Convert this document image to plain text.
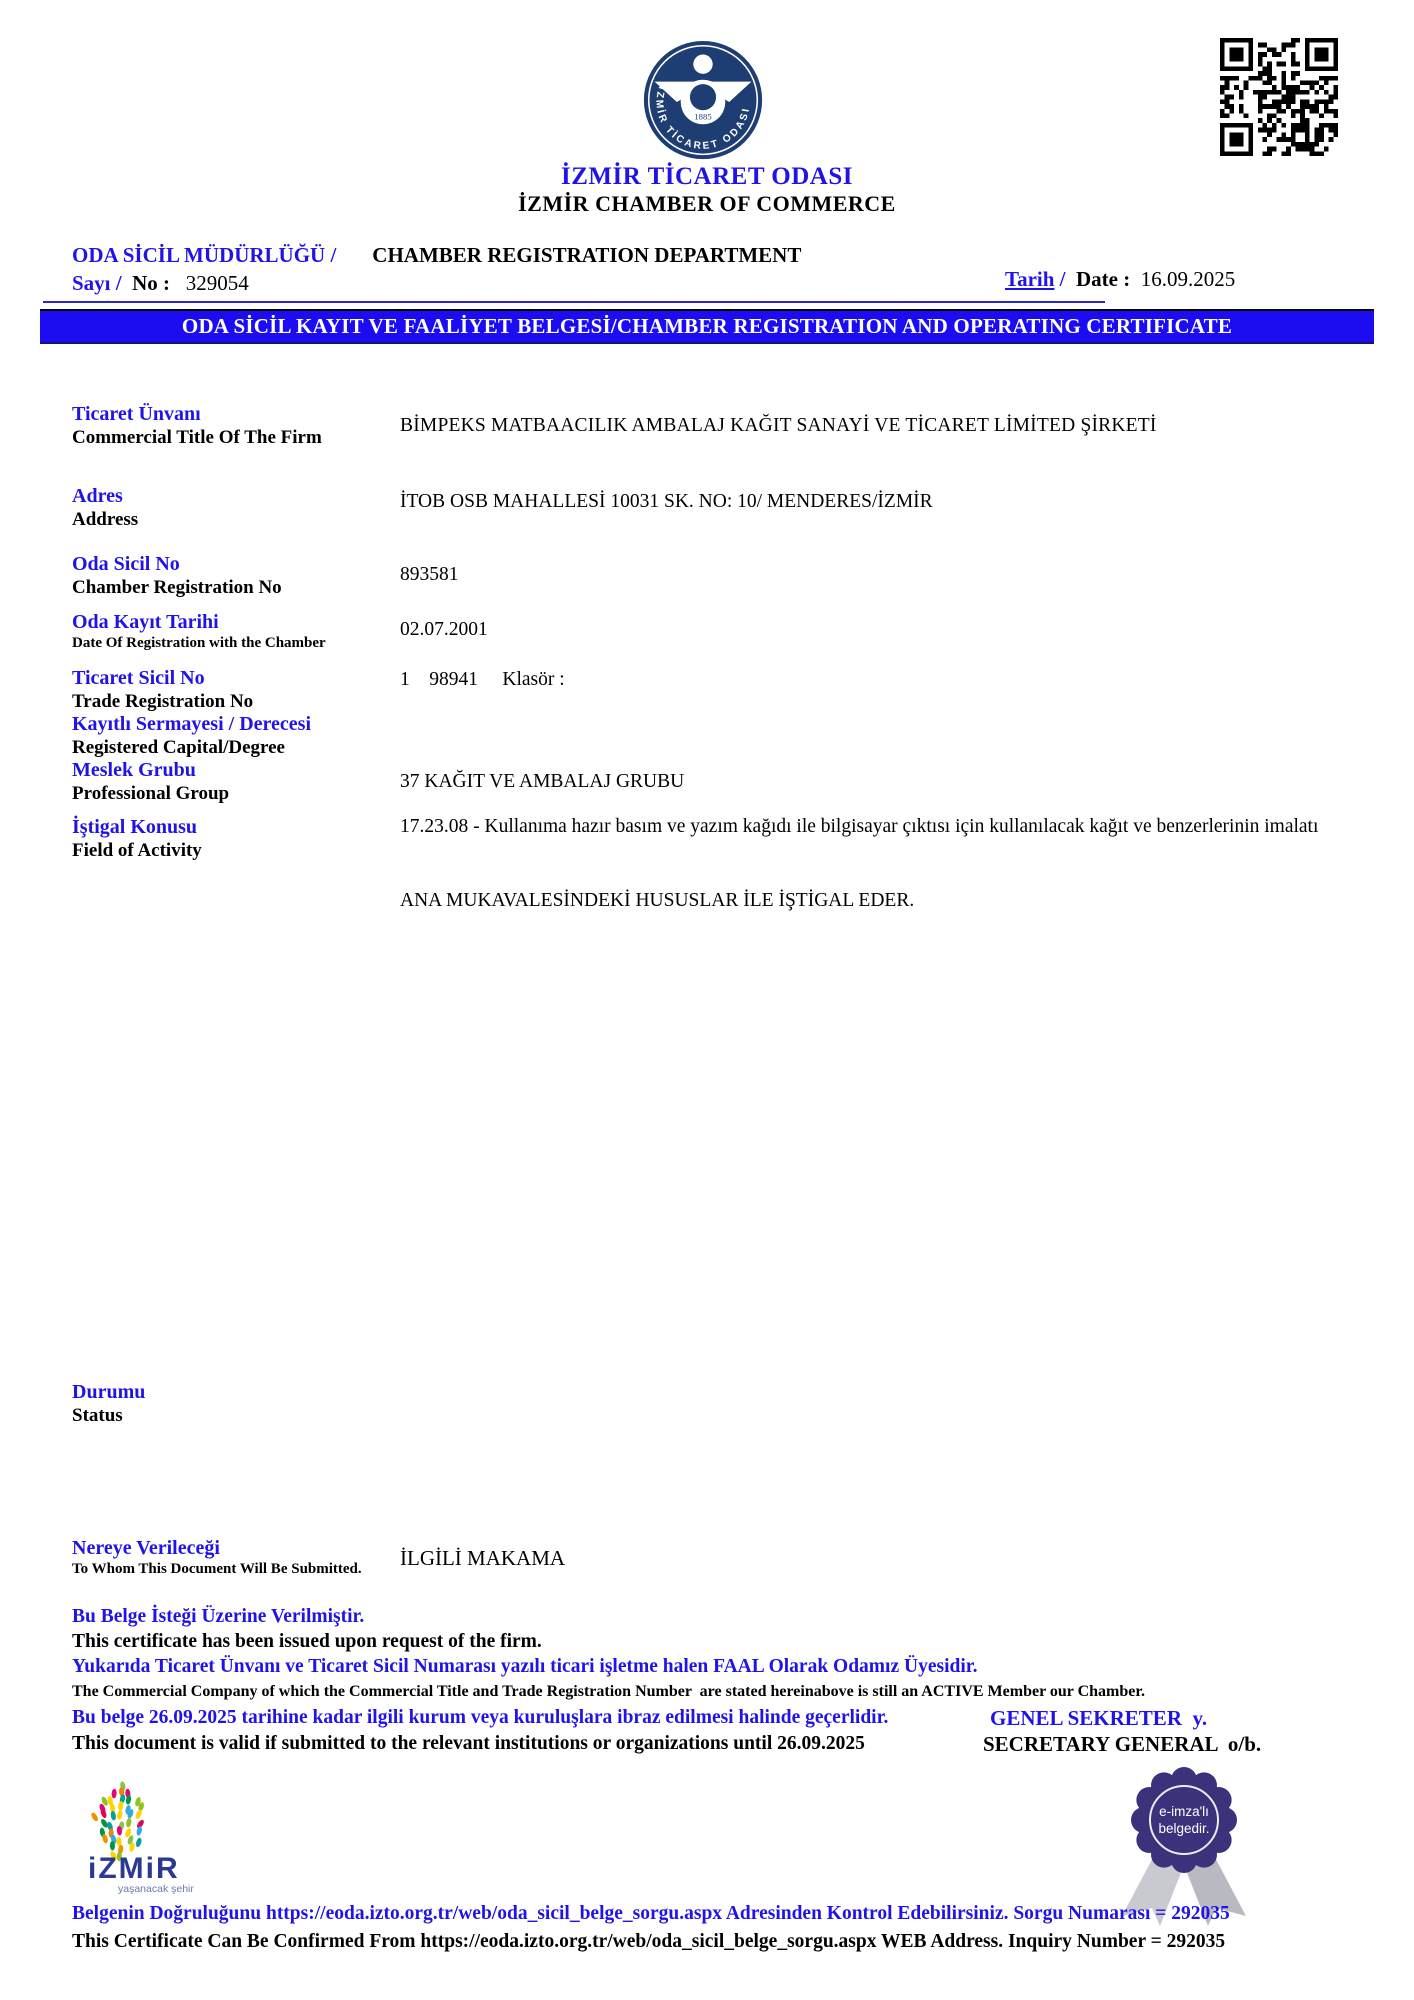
1885
İZMİR TİCARET ODASI
İZMİR TİCARET ODASI
İZMİR CHAMBER OF COMMERCE
ODA SİCİL MÜDÜRLÜĞÜ / CHAMBER REGISTRATION DEPARTMENT
Sayı / No : 329054	Tarih /  Date : 16.09.2025
ODA SİCİL KAYIT VE FAALİYET BELGESİ/CHAMBER REGISTRATION AND OPERATING CERTIFICATE
Ticaret Ünvanı
Commercial Title Of The Firm
BİMPEKS MATBAACILIK AMBALAJ KAĞIT SANAYİ VE TİCARET LİMİTED ŞİRKETİ
Adres
Address
İTOB OSB MAHALLESİ 10031 SK. NO: 10/ MENDERES/İZMİR
Oda Sicil No
Chamber Registration No
893581
Oda Kayıt Tarihi
Date Of Registration with the Chamber
02.07.2001
Ticaret Sicil No
Trade Registration No
1    98941     Klasör :
Kayıtlı Sermayesi / Derecesi
Registered Capital/Degree
Meslek Grubu
Professional Group
37 KAĞIT VE AMBALAJ GRUBU
İştigal Konusu
Field of Activity
17.23.08 - Kullanıma hazır basım ve yazım kağıdı ile bilgisayar çıktısı için kullanılacak kağıt ve benzerlerinin imalatı
ANA MUKAVALESİNDEKİ HUSUSLAR İLE İŞTİGAL EDER.
Durumu
Status
Nereye Verileceği
To Whom This Document Will Be Submitted.	İLGİLİ MAKAMA
Bu Belge İsteği Üzerine Verilmiştir.
This certificate has been issued upon request of the firm.
Yukarıda Ticaret Ünvanı ve Ticaret Sicil Numarası yazılı ticari işletme halen FAAL Olarak Odamız Üyesidir.
The Commercial Company of which the Commercial Title and Trade Registration Number  are stated hereinabove is still an ACTIVE Member our Chamber.
Bu belge 26.09.2025 tarihine kadar ilgili kurum veya kuruluşlara ibraz edilmesi halinde geçerlidir.
This document is valid if submitted to the relevant institutions or organizations until 26.09.2025
GENEL SEKRETER  y.
SECRETARY GENERAL  o/b.
iZMiR
yaşanacak şehir
e-imza'lı
belgedir.
Belgenin Doğruluğunu https://eoda.izto.org.tr/web/oda_sicil_belge_sorgu.aspx Adresinden Kontrol Edebilirsiniz. Sorgu Numarası = 292035
This Certificate Can Be Confirmed From https://eoda.izto.org.tr/web/oda_sicil_belge_sorgu.aspx WEB Address. Inquiry Number = 292035
